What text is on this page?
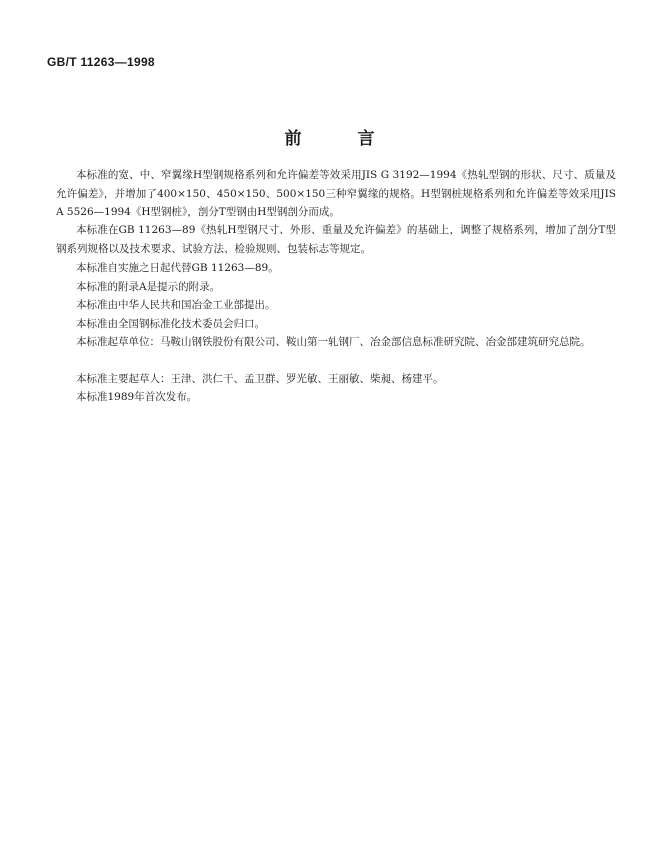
GB/T 11263—1998
前	言

本标准的宽、中、窄翼缘H型钢规格系列和允许偏差等效采用JIS G 3192—1994《热轧型钢的形状、尺寸、质量及允许偏差》，并增加了400×150、450×150、500×150三种窄翼缘的规格。H型钢桩规格系列和允许偏差等效采用JIS A 5526—1994《H型钢桩》，剖分T型钢由H型钢剖分而成。

本标准在GB 11263—89《热轧H型钢尺寸、外形、重量及允许偏差》的基础上，调整了规格系列，增加了剖分T型钢系列规格以及技术要求、试验方法、检验规则、包装标志等规定。

本标准自实施之日起代替GB 11263—89。

本标准的附录A是提示的附录。

本标准由中华人民共和国冶金工业部提出。

本标准由全国钢标准化技术委员会归口。

本标准起草单位：马鞍山钢铁股份有限公司、鞍山第一轧钢厂、冶金部信息标准研究院、冶金部建筑研究总院。

本标准主要起草人：王津、洪仁干、孟卫群、罗光敏、王丽敏、柴昶、杨建平。

本标准1989年首次发布。
